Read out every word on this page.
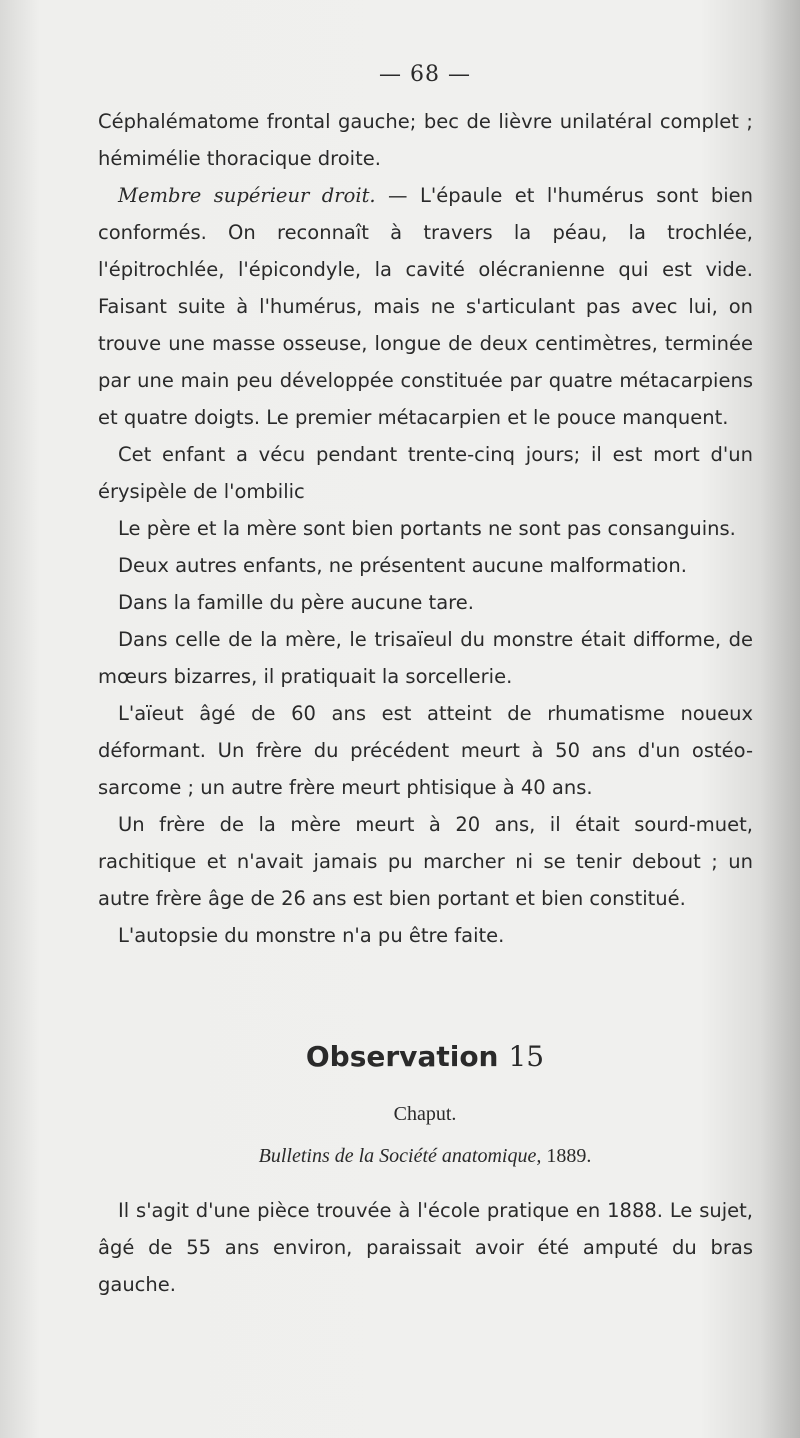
— 68 —

Céphalématome frontal gauche; bec de lièvre unilatéral complet ; hémimélie thoracique droite.

Membre supérieur droit. — L'épaule et l'humérus sont bien conformés. On reconnaît à travers la péau, la trochlée, l'épitrochlée, l'épicondyle, la cavité olécranienne qui est vide. Faisant suite à l'humérus, mais ne s'articulant pas avec lui, on trouve une masse osseuse, longue de deux centimètres, terminée par une main peu développée constituée par quatre métacarpiens et quatre doigts. Le premier métacarpien et le pouce manquent.

Cet enfant a vécu pendant trente-cinq jours; il est mort d'un érysipèle de l'ombilic

Le père et la mère sont bien portants ne sont pas consanguins.

Deux autres enfants, ne présentent aucune malformation.

Dans la famille du père aucune tare.

Dans celle de la mère, le trisaïeul du monstre était difforme, de mœurs bizarres, il pratiquait la sorcellerie.

L'aïeut âgé de 60 ans est atteint de rhumatisme noueux déformant. Un frère du précédent meurt à 50 ans d'un ostéo-sarcome ; un autre frère meurt phtisique à 40 ans.

Un frère de la mère meurt à 20 ans, il était sourd-muet, rachitique et n'avait jamais pu marcher ni se tenir debout ; un autre frère âge de 26 ans est bien portant et bien constitué.

L'autopsie du monstre n'a pu être faite.

Observation 15
Chaput.
Bulletins de la Société anatomique, 1889.

Il s'agit d'une pièce trouvée à l'école pratique en 1888. Le sujet, âgé de 55 ans environ, paraissait avoir été amputé du bras gauche.
